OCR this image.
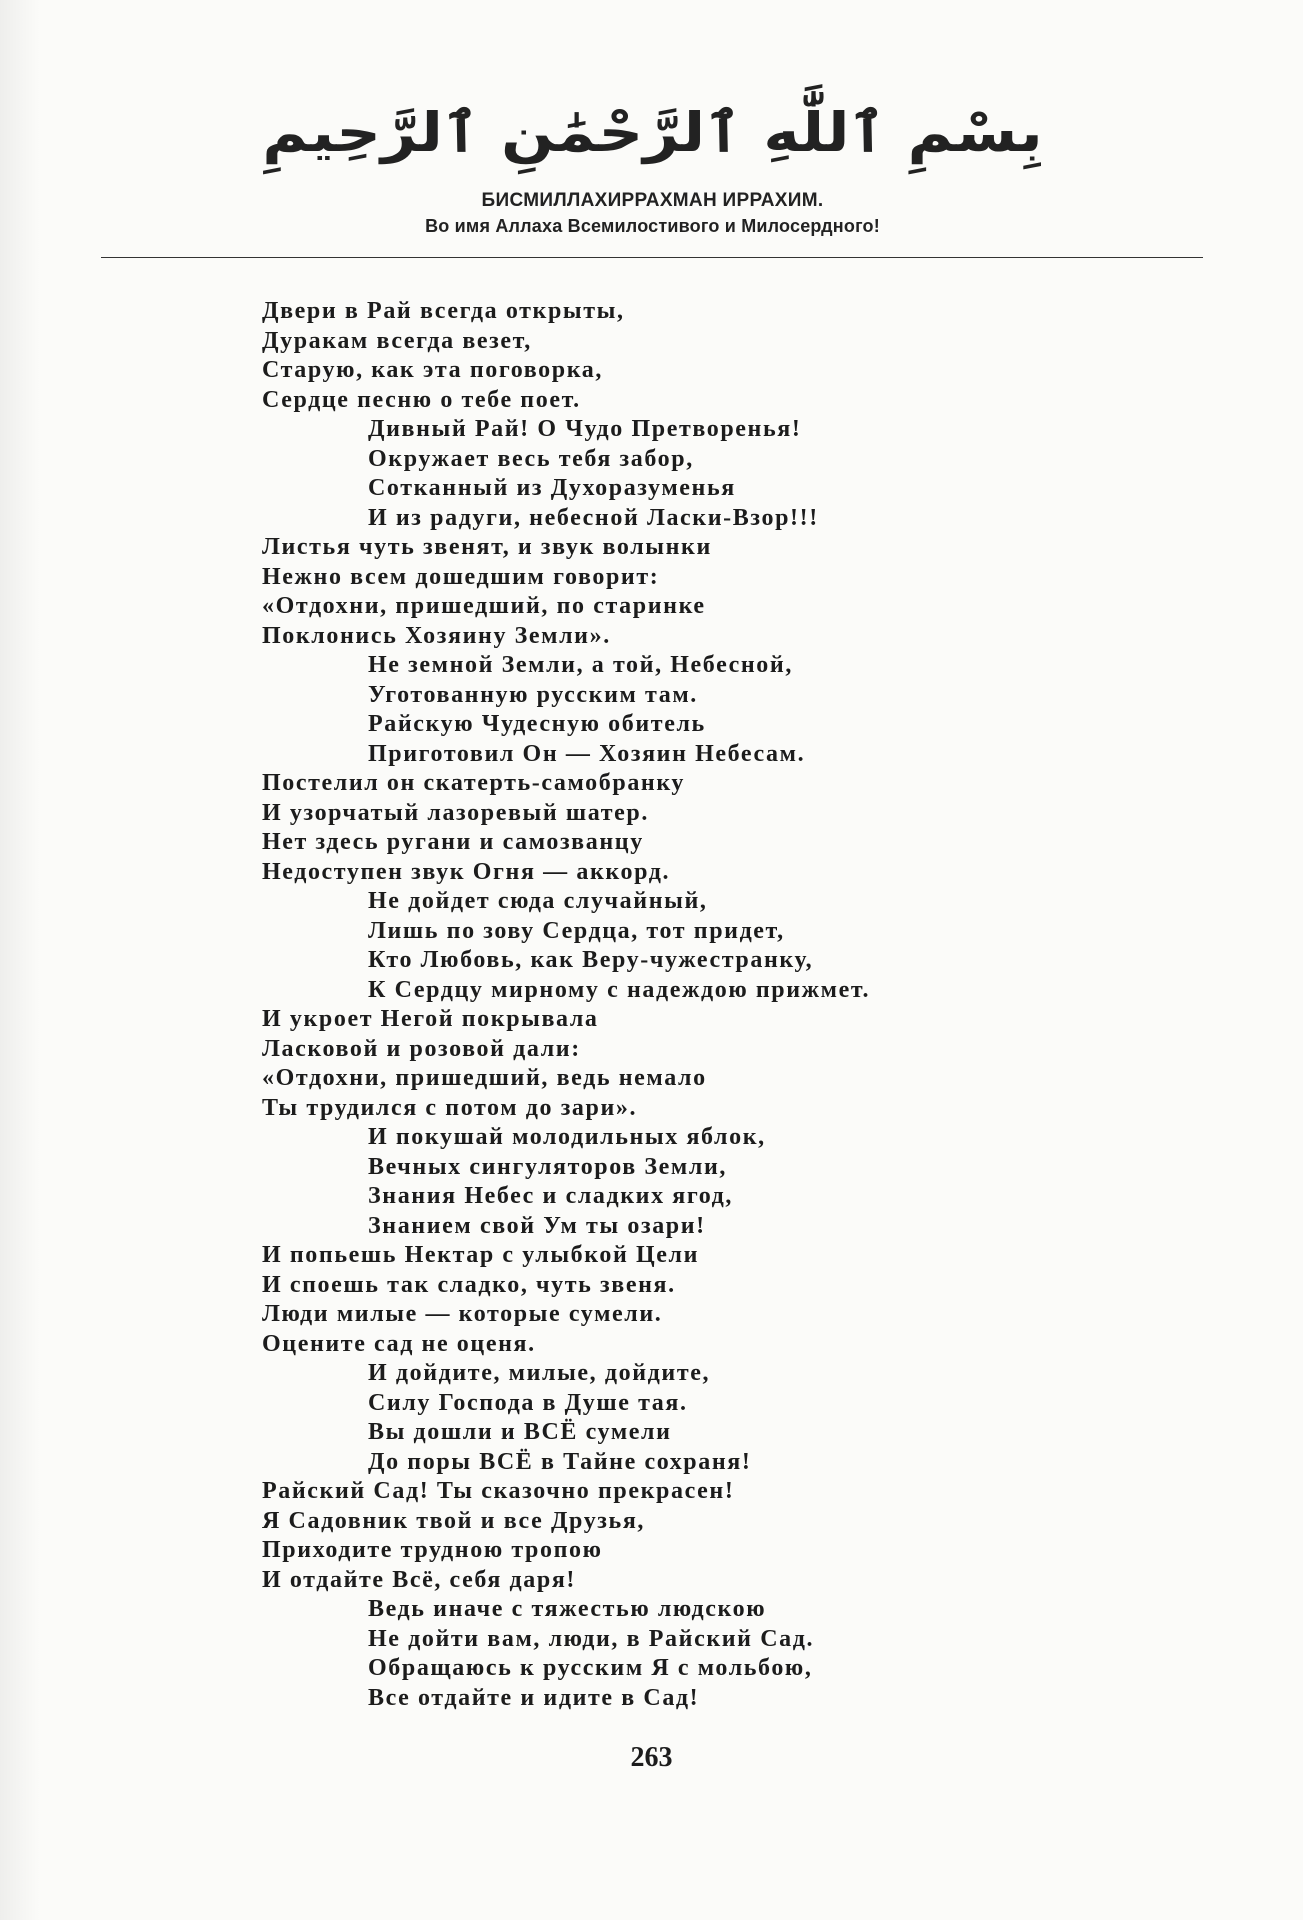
بِسْمِ ٱللَّٰهِ ٱلرَّحْمَٰنِ ٱلرَّحِيمِ
БИСМИЛЛАХИРРАХМАН ИРРАХИМ.
Во имя Аллаха Всемилостивого и Милосердного!
Двери в Рай всегда открыты,
Дуракам всегда везет,
Старую, как эта поговорка,
Сердце песню о тебе поет.
Дивный Рай! О Чудо Претворенья!
Окружает весь тебя забор,
Сотканный из Духоразуменья
И из радуги, небесной Ласки-Взор!!!
Листья чуть звенят, и звук волынки
Нежно всем дошедшим говорит:
«Отдохни, пришедший, по старинке
Поклонись Хозяину Земли».
Не земной Земли, а той, Небесной,
Уготованную русским там.
Райскую Чудесную обитель
Приготовил Он — Хозяин Небесам.
Постелил он скатерть-самобранку
И узорчатый лазоревый шатер.
Нет здесь ругани и самозванцу
Недоступен звук Огня — аккорд.
Не дойдет сюда случайный,
Лишь по зову Сердца, тот придет,
Кто Любовь, как Веру-чужестранку,
К Сердцу мирному с надеждою прижмет.
И укроет Негой покрывала
Ласковой и розовой дали:
«Отдохни, пришедший, ведь немало
Ты трудился с потом до зари».
И покушай молодильных яблок,
Вечных сингуляторов Земли,
Знания Небес и сладких ягод,
Знанием свой Ум ты озари!
И попьешь Нектар с улыбкой Цели
И споешь так сладко, чуть звеня.
Люди милые — которые сумели.
Оцените сад не оценя.
И дойдите, милые, дойдите,
Силу Господа в Душе тая.
Вы дошли и ВСЁ сумели
До поры ВСЁ в Тайне сохраня!
Райский Сад! Ты сказочно прекрасен!
Я Садовник твой и все Друзья,
Приходите трудною тропою
И отдайте Всё, себя даря!
Ведь иначе с тяжестью людскою
Не дойти вам, люди, в Райский Сад.
Обращаюсь к русским Я с мольбою,
Все отдайте и идите в Сад!
263
